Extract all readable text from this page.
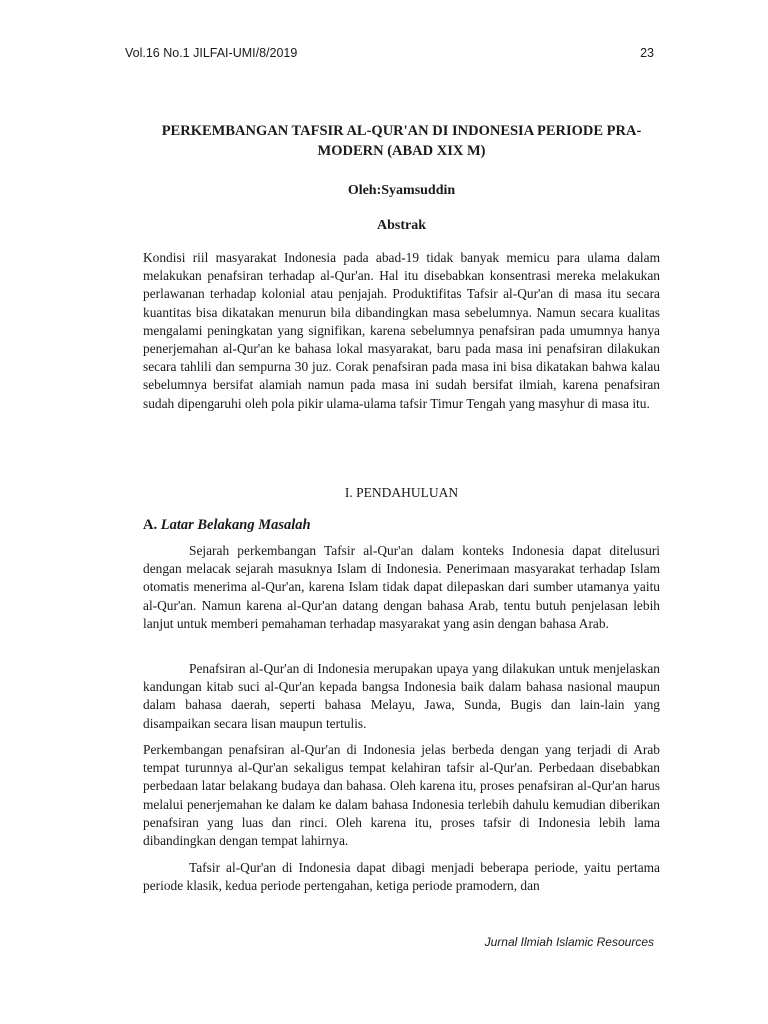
Vol.16 No.1 JILFAI-UMI/8/2019	23
PERKEMBANGAN TAFSIR AL-QUR'AN DI INDONESIA PERIODE PRA-
MODERN (ABAD XIX M)
Oleh:Syamsuddin
Abstrak

Kondisi riil masyarakat Indonesia pada abad-19 tidak banyak memicu para ulama dalam melakukan penafsiran terhadap al-Qur'an. Hal itu disebabkan konsentrasi mereka melakukan perlawanan terhadap kolonial atau penjajah. Produktifitas Tafsir al-Qur'an di masa itu secara kuantitas bisa dikatakan menurun bila dibandingkan masa sebelumnya. Namun secara kualitas mengalami peningkatan yang signifikan, karena sebelumnya penafsiran pada umumnya hanya penerjemahan al-Qur'an ke bahasa lokal masyarakat, baru pada masa ini penafsiran dilakukan secara tahlili dan sempurna 30 juz. Corak penafsiran pada masa ini bisa dikatakan bahwa kalau sebelumnya bersifat alamiah namun pada masa ini sudah bersifat ilmiah, karena penafsiran sudah dipengaruhi oleh pola pikir ulama-ulama tafsir Timur Tengah yang masyhur di masa itu.

I. PENDAHULUAN
A. Latar Belakang Masalah

Sejarah perkembangan Tafsir al-Qur'an dalam konteks Indonesia dapat ditelusuri dengan melacak sejarah masuknya Islam di Indonesia. Penerimaan masyarakat terhadap Islam otomatis menerima al-Qur'an, karena Islam tidak dapat dilepaskan dari sumber utamanya yaitu al-Qur'an. Namun karena al-Qur'an datang dengan bahasa Arab, tentu butuh penjelasan lebih lanjut untuk memberi pemahaman terhadap masyarakat yang asin dengan bahasa Arab.

Penafsiran al-Qur'an di Indonesia merupakan upaya yang dilakukan untuk menjelaskan kandungan kitab suci al-Qur'an kepada bangsa Indonesia baik dalam bahasa nasional maupun dalam bahasa daerah, seperti bahasa Melayu, Jawa, Sunda, Bugis dan lain-lain yang disampaikan secara lisan maupun tertulis.

Perkembangan penafsiran al-Qur'an di Indonesia jelas berbeda dengan yang terjadi di Arab tempat turunnya al-Qur'an sekaligus tempat kelahiran tafsir al-Qur'an. Perbedaan disebabkan perbedaan latar belakang budaya dan bahasa. Oleh karena itu, proses penafsiran al-Qur'an harus melalui penerjemahan ke dalam ke dalam bahasa Indonesia terlebih dahulu kemudian diberikan penafsiran yang luas dan rinci. Oleh karena itu, proses tafsir di Indonesia lebih lama dibandingkan dengan tempat lahirnya.

Tafsir al-Qur'an di Indonesia dapat dibagi menjadi beberapa periode, yaitu pertama periode klasik, kedua periode pertengahan, ketiga periode pramodern, dan

Jurnal Ilmiah Islamic Resources
